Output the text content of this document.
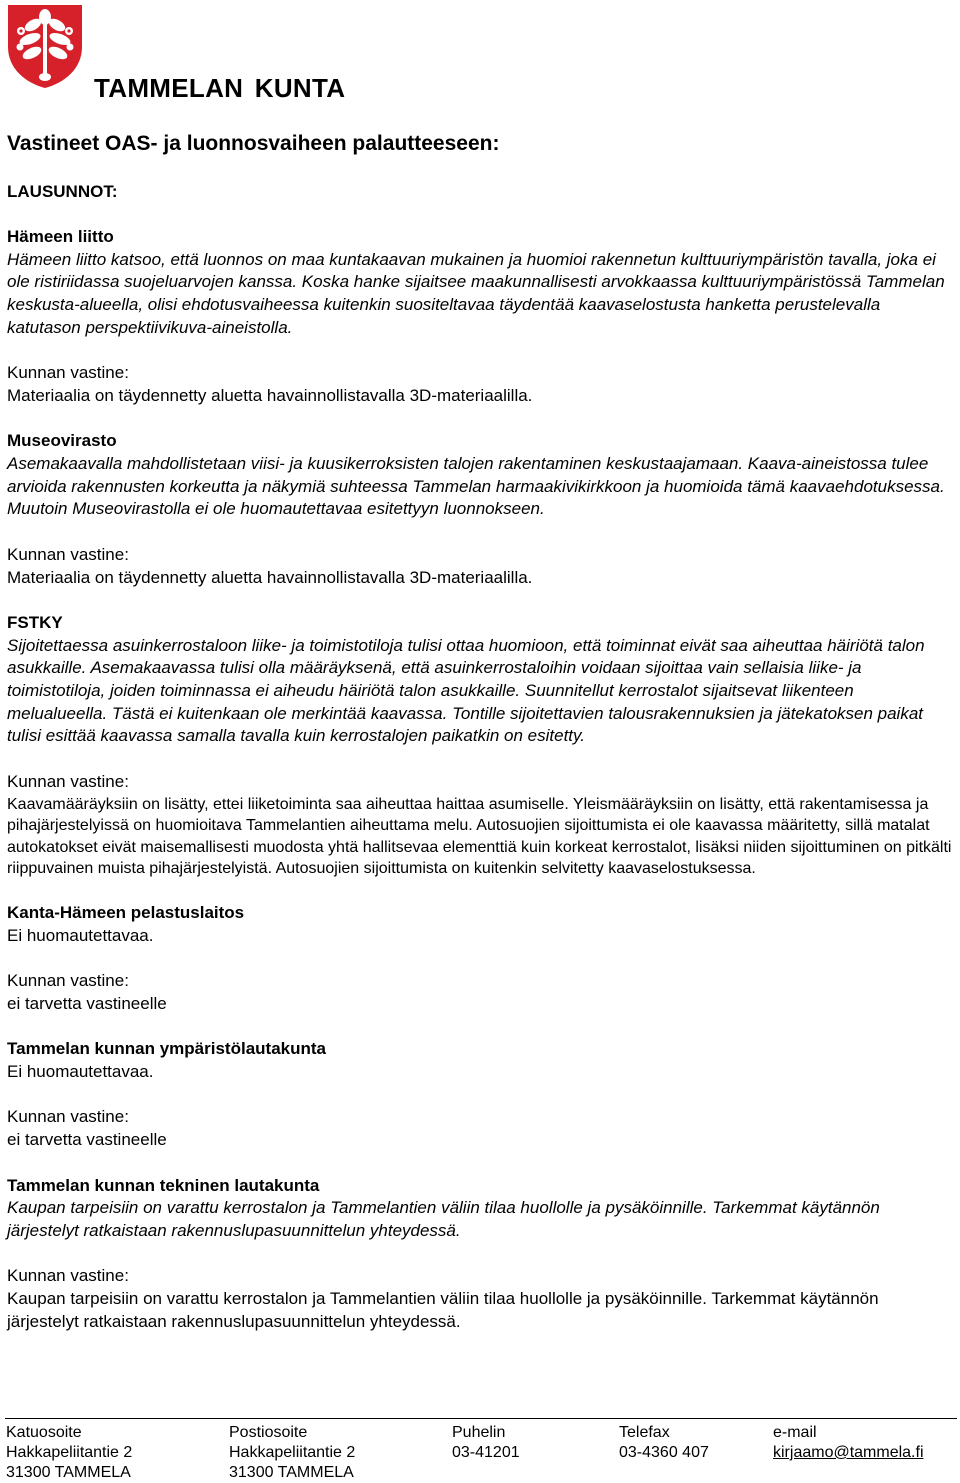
TAMMELAN KUNTA
Vastineet OAS- ja luonnosvaiheen palautteeseen:
LAUSUNNOT:
Hämeen liitto
Hämeen liitto katsoo, että luonnos on maa kuntakaavan mukainen ja huomioi rakennetun kulttuuriympäristön tavalla, joka ei ole ristiriidassa suojeluarvojen kanssa. Koska hanke sijaitsee maakunnallisesti arvokkaassa kulttuuriympäristössä Tammelan keskusta-alueella, olisi ehdotusvaiheessa kuitenkin suositeltavaa täydentää kaavaselostusta hanketta perustelevalla katutason perspektiivikuva-aineistolla.
Kunnan vastine:
Materiaalia on täydennetty aluetta havainnollistavalla 3D-materiaalilla.
Museovirasto
Asemakaavalla mahdollistetaan viisi- ja kuusikerroksisten talojen rakentaminen keskustaajamaan. Kaava-aineistossa tulee arvioida rakennusten korkeutta ja näkymiä suhteessa Tammelan harmaakivikirkkoon ja huomioida tämä kaavaehdotuksessa. Muutoin Museovirastolla ei ole huomautettavaa esitettyyn luonnokseen.
Kunnan vastine:
Materiaalia on täydennetty aluetta havainnollistavalla 3D-materiaalilla.
FSTKY
Sijoitettaessa asuinkerrostaloon liike- ja toimistotiloja tulisi ottaa huomioon, että toiminnat eivät saa aiheuttaa häiriötä talon asukkaille. Asemakaavassa tulisi olla määräyksenä, että asuinkerrostaloihin voidaan sijoittaa vain sellaisia liike- ja toimistotiloja, joiden toiminnassa ei aiheudu häiriötä talon asukkaille. Suunnitellut kerrostalot sijaitsevat liikenteen melualueella. Tästä ei kuitenkaan ole merkintää kaavassa. Tontille sijoitettavien talousrakennuksien ja jätekatoksen paikat tulisi esittää kaavassa samalla tavalla kuin kerrostalojen paikatkin on esitetty.
Kunnan vastine:
Kaavamääräyksiin on lisätty, ettei liiketoiminta saa aiheuttaa haittaa asumiselle. Yleismääräyksiin on lisätty, että rakentamisessa ja pihajärjestelyissä on huomioitava Tammelantien aiheuttama melu. Autosuojien sijoittumista ei ole kaavassa määritetty, sillä matalat autokatokset eivät maisemallisesti muodosta yhtä hallitsevaa elementtiä kuin korkeat kerrostalot, lisäksi niiden sijoittuminen on pitkälti riippuvainen muista pihajärjestelyistä. Autosuojien sijoittumista on kuitenkin selvitetty kaavaselostuksessa.
Kanta-Hämeen pelastuslaitos
Ei huomautettavaa.
Kunnan vastine:
ei tarvetta vastineelle
Tammelan kunnan ympäristölautakunta
Ei huomautettavaa.
Kunnan vastine:
ei tarvetta vastineelle
Tammelan kunnan tekninen lautakunta
Kaupan tarpeisiin on varattu kerrostalon ja Tammelantien väliin tilaa huollolle ja pysäköinnille. Tarkemmat käytännön järjestelyt ratkaistaan rakennuslupasuunnittelun yhteydessä.
Kunnan vastine:
Kaupan tarpeisiin on varattu kerrostalon ja Tammelantien väliin tilaa huollolle ja pysäköinnille. Tarkemmat käytännön järjestelyt ratkaistaan rakennuslupasuunnittelun yhteydessä.
Katuosoite
Hakkapeliitantie 2
31300 TAMMELA
Postiosoite
Hakkapeliitantie 2
31300 TAMMELA
Puhelin
03-41201
Telefax
03-4360 407
e-mail
kirjaamo@tammela.fi
